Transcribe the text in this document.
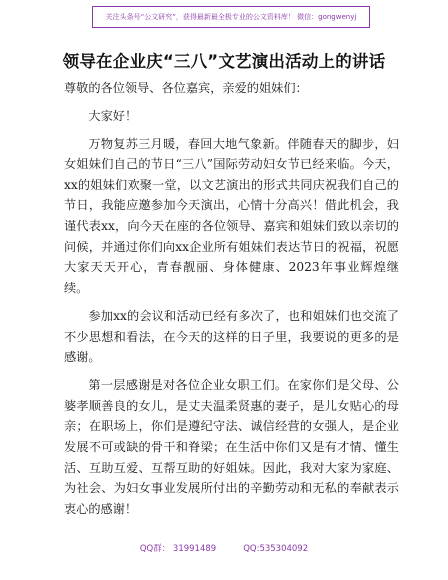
关注头条号“公文研究”，获得最新最全极专业的公文资料库！ 微信：gongwenyj
领导在企业庆“三八”文艺演出活动上的讲话

尊敬的各位领导、各位嘉宾，亲爱的姐妹们：

大家好！

万物复苏三月暖，春回大地气象新。伴随春天的脚步，妇女姐妹们自己的节日“三八”国际劳动妇女节已经来临。今天，xx的姐妹们欢聚一堂，以文艺演出的形式共同庆祝我们自己的节日，我能应邀参加今天演出，心情十分高兴！借此机会，我谨代表xx，向今天在座的各位领导、嘉宾和姐妹们致以亲切的问候，并通过你们向xx企业所有姐妹们表达节日的祝福，祝愿大家天天开心，青春靓丽、身体健康、2023年事业辉煌继续。

参加xx的会议和活动已经有多次了，也和姐妹们也交流了不少思想和看法，在今天的这样的日子里，我要说的更多的是感谢。

第一层感谢是对各位企业女职工们。在家你们是父母、公婆孝顺善良的女儿，是丈夫温柔贤惠的妻子，是儿女贴心的母亲；在职场上，你们是遵纪守法、诚信经营的女强人，是企业发展不可或缺的骨干和脊梁；在生活中你们又是有才情、懂生活、互助互爱、互帮互助的好姐妹。因此，我对大家为家庭、为社会、为妇女事业发展所付出的辛勤劳动和无私的奉献表示衷心的感谢！

QQ群： 31991489          QQ:535304092
